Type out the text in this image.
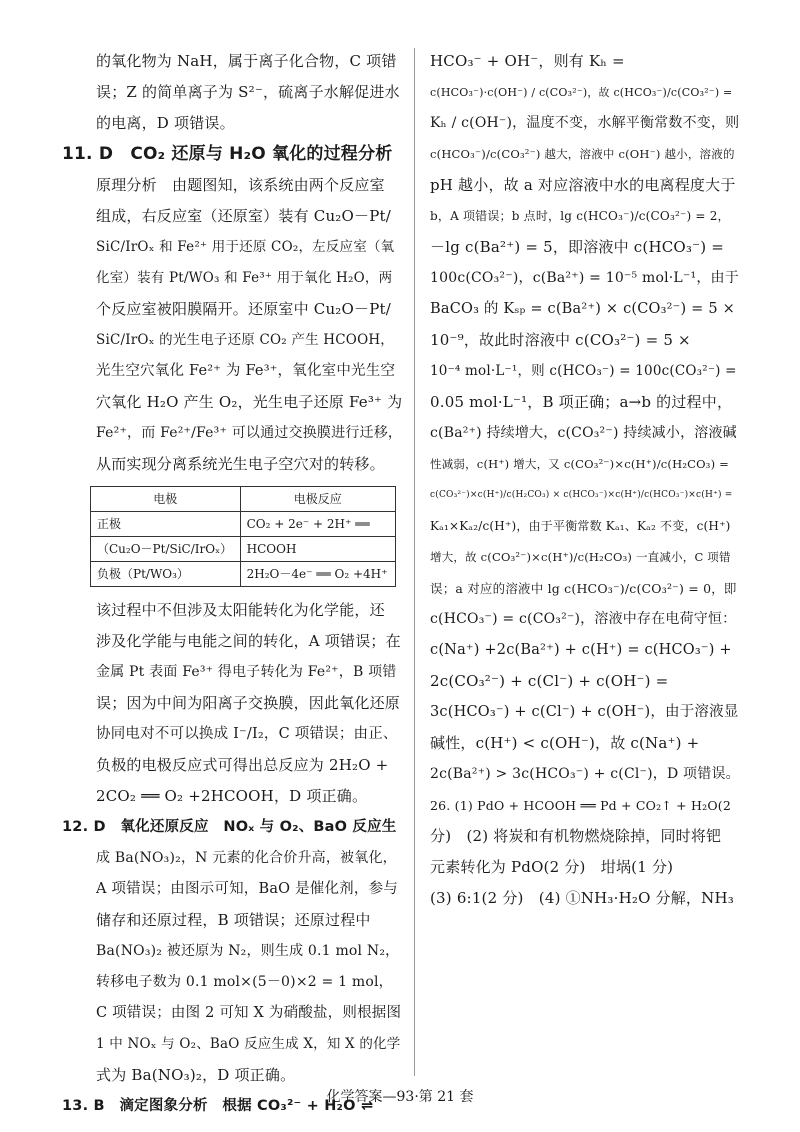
的氧化物为 NaH，属于离子化合物，C 项错
误；Z 的简单离子为 S²⁻，硫离子水解促进水
的电离，D 项错误。
11. D　CO₂ 还原与 H₂O 氧化的过程分析
原理分析　由题图知，该系统由两个反应室
组成，右反应室（还原室）装有 Cu₂O－Pt/
SiC/IrOₓ 和 Fe²⁺ 用于还原 CO₂，左反应室（氧
化室）装有 Pt/WO₃ 和 Fe³⁺ 用于氧化 H₂O，两
个反应室被阳膜隔开。还原室中 Cu₂O－Pt/
SiC/IrOₓ 的光生电子还原 CO₂ 产生 HCOOH，
光生空穴氧化 Fe²⁺ 为 Fe³⁺，氧化室中光生空
穴氧化 H₂O 产生 O₂，光生电子还原 Fe³⁺ 为
Fe²⁺，而 Fe²⁺/Fe³⁺ 可以通过交换膜进行迁移，
从而实现分离系统光生电子空穴对的转移。
电极	电极反应
正极	CO₂ + 2e⁻ + 2H⁺ ══
（Cu₂O－Pt/SiC/IrOₓ）	HCOOH
负极（Pt/WO₃）	2H₂O－4e⁻ ══ O₂ +4H⁺
该过程中不但涉及太阳能转化为化学能，还
涉及化学能与电能之间的转化，A 项错误；在
金属 Pt 表面 Fe³⁺ 得电子转化为 Fe²⁺，B 项错
误；因为中间为阳离子交换膜，因此氧化还原
协同电对不可以换成 I⁻/I₂，C 项错误；由正、
负极的电极反应式可得出总反应为 2H₂O +
2CO₂ ══ O₂ +2HCOOH，D 项正确。
12. D　氧化还原反应　NOₓ 与 O₂、BaO 反应生
成 Ba(NO₃)₂，N 元素的化合价升高，被氧化，
A 项错误；由图示可知，BaO 是催化剂，参与
储存和还原过程，B 项错误；还原过程中
Ba(NO₃)₂ 被还原为 N₂，则生成 0.1 mol N₂，
转移电子数为 0.1 mol×(5－0)×2 = 1 mol，
C 项错误；由图 2 可知 X 为硝酸盐，则根据图
1 中 NOₓ 与 O₂、BaO 反应生成 X，知 X 的化学
式为 Ba(NO₃)₂，D 项正确。
13. B　滴定图象分析　根据 CO₃²⁻ + H₂O ⇌
HCO₃⁻ + OH⁻，则有 Kₕ =
c(HCO₃⁻)·c(OH⁻) / c(CO₃²⁻)，故 c(HCO₃⁻)/c(CO₃²⁻) =
Kₕ / c(OH⁻)，温度不变，水解平衡常数不变，则
c(HCO₃⁻)/c(CO₃²⁻) 越大，溶液中 c(OH⁻) 越小，溶液的
pH 越小，故 a 对应溶液中水的电离程度大于
b，A 项错误；b 点时，lg c(HCO₃⁻)/c(CO₃²⁻) = 2，
－lg c(Ba²⁺) = 5，即溶液中 c(HCO₃⁻) =
100c(CO₃²⁻)，c(Ba²⁺) = 10⁻⁵ mol·L⁻¹，由于
BaCO₃ 的 Kₛₚ = c(Ba²⁺) × c(CO₃²⁻) = 5 ×
10⁻⁹，故此时溶液中 c(CO₃²⁻) = 5 ×
10⁻⁴ mol·L⁻¹，则 c(HCO₃⁻) = 100c(CO₃²⁻) =
0.05 mol·L⁻¹，B 项正确；a→b 的过程中，
c(Ba²⁺) 持续增大，c(CO₃²⁻) 持续减小，溶液碱
性减弱，c(H⁺) 增大，又 c(CO₃²⁻)×c(H⁺)/c(H₂CO₃) =
c(CO₃²⁻)×c(H⁺)/c(H₂CO₃) × c(HCO₃⁻)×c(H⁺)/c(HCO₃⁻)×c(H⁺) =
Kₐ₁×Kₐ₂/c(H⁺)，由于平衡常数 Kₐ₁、Kₐ₂ 不变，c(H⁺)
增大，故 c(CO₃²⁻)×c(H⁺)/c(H₂CO₃) 一直减小，C 项错
误；a 对应的溶液中 lg c(HCO₃⁻)/c(CO₃²⁻) = 0，即
c(HCO₃⁻) = c(CO₃²⁻)，溶液中存在电荷守恒：
c(Na⁺) +2c(Ba²⁺) + c(H⁺) = c(HCO₃⁻) +
2c(CO₃²⁻) + c(Cl⁻) + c(OH⁻) =
3c(HCO₃⁻) + c(Cl⁻) + c(OH⁻)，由于溶液显
碱性，c(H⁺) < c(OH⁻)，故 c(Na⁺) +
2c(Ba²⁺) > 3c(HCO₃⁻) + c(Cl⁻)，D 项错误。
26. (1) PdO + HCOOH ══ Pd + CO₂↑ + H₂O(2
分)　(2) 将炭和有机物燃烧除掉，同时将钯
元素转化为 PdO(2 分)　坩埚(1 分)
(3) 6:1(2 分)　(4) ①NH₃·H₂O 分解，NH₃
化学答案—93·第 21 套
